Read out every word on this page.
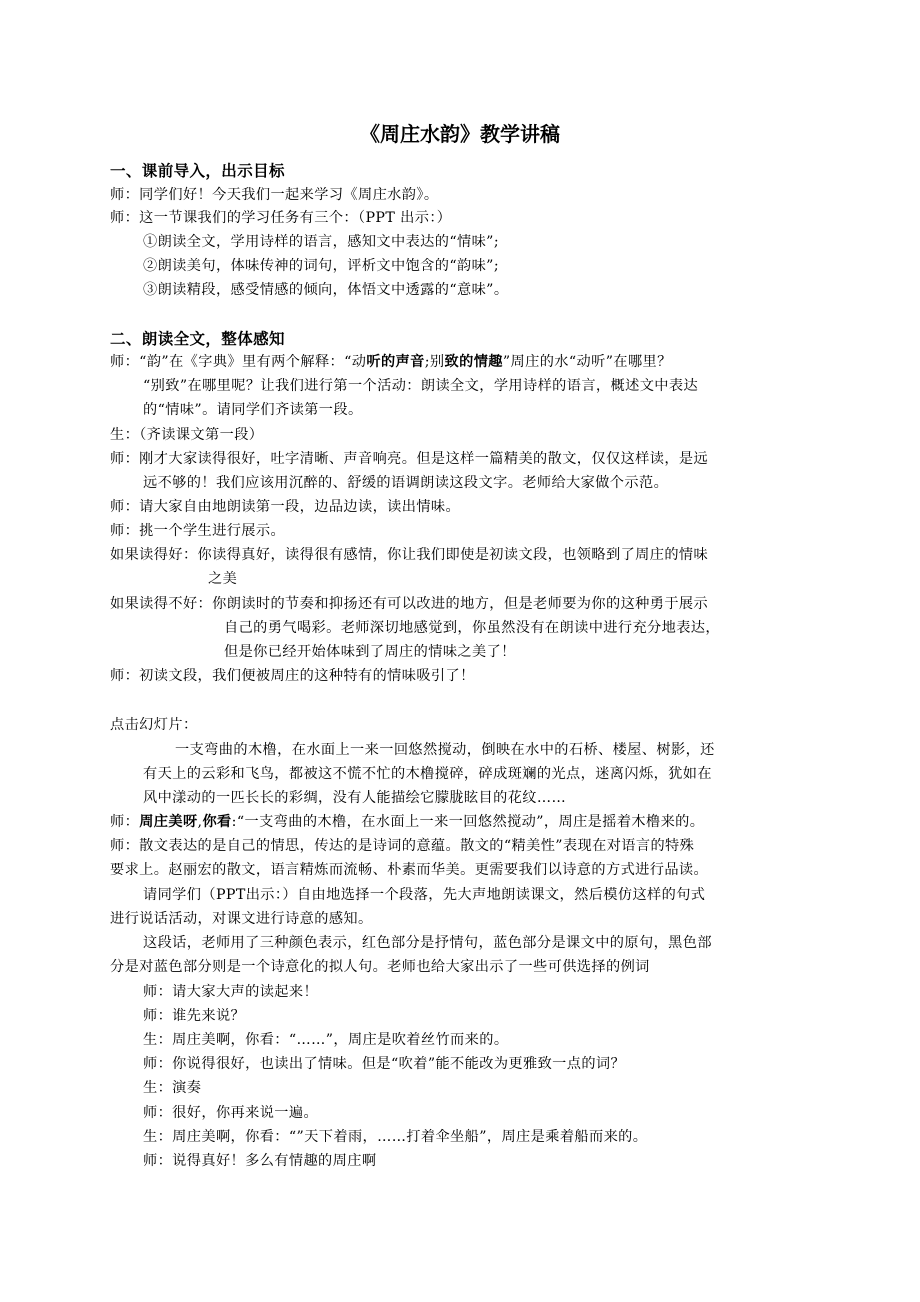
《周庄水韵》教学讲稿
一、课前导入，出示目标
师：同学们好！今天我们一起来学习《周庄水韵》。
师：这一节课我们的学习任务有三个：（PPT 出示：）
①朗读全文，学用诗样的语言，感知文中表达的“情味”;
②朗读美句，体味传神的词句，评析文中饱含的“韵味”;
③朗读精段，感受情感的倾向，体悟文中透露的“意味”。
二、朗读全文，整体感知
师：“韵”在《字典》里有两个解释：“动听的声音;别致的情趣”周庄的水“动听”在哪里？
“别致”在哪里呢？让我们进行第一个活动：朗读全文，学用诗样的语言，概述文中表达
的“情味”。请同学们齐读第一段。
生：（齐读课文第一段）
师：刚才大家读得很好，吐字清晰、声音响亮。但是这样一篇精美的散文，仅仅这样读，是远
远不够的！我们应该用沉醉的、舒缓的语调朗读这段文字。老师给大家做个示范。
师：请大家自由地朗读第一段，边品边读，读出情味。
师：挑一个学生进行展示。
如果读得好：你读得真好，读得很有感情，你让我们即使是初读文段，也领略到了周庄的情味
之美
如果读得不好：你朗读时的节奏和抑扬还有可以改进的地方，但是老师要为你的这种勇于展示
自己的勇气喝彩。老师深切地感觉到，你虽然没有在朗读中进行充分地表达，
但是你已经开始体味到了周庄的情味之美了！
师：初读文段，我们便被周庄的这种特有的情味吸引了！
点击幻灯片：
一支弯曲的木橹，在水面上一来一回悠然搅动，倒映在水中的石桥、楼屋、树影，还
有天上的云彩和飞鸟，都被这不慌不忙的木橹搅碎，碎成斑斓的光点，迷离闪烁，犹如在
风中漾动的一匹长长的彩绸，没有人能描绘它朦胧眩目的花纹……
师：周庄美呀,你看:“一支弯曲的木橹，在水面上一来一回悠然搅动”，周庄是摇着木橹来的。
师：散文表达的是自己的情思，传达的是诗词的意蕴。散文的“精美性”表现在对语言的特殊
要求上。赵丽宏的散文，语言精炼而流畅、朴素而华美。更需要我们以诗意的方式进行品读。
请同学们（PPT出示：）自由地选择一个段落，先大声地朗读课文，然后模仿这样的句式
进行说话活动，对课文进行诗意的感知。
这段话，老师用了三种颜色表示，红色部分是抒情句，蓝色部分是课文中的原句，黑色部
分是对蓝色部分则是一个诗意化的拟人句。老师也给大家出示了一些可供选择的例词
师：请大家大声的读起来！
师：谁先来说？
生：周庄美啊，你看：“……”，周庄是吹着丝竹而来的。
师：你说得很好，也读出了情味。但是“吹着”能不能改为更雅致一点的词？
生：演奏
师：很好，你再来说一遍。
生：周庄美啊，你看：“”天下着雨，……打着伞坐船”，周庄是乘着船而来的。
师：说得真好！多么有情趣的周庄啊
